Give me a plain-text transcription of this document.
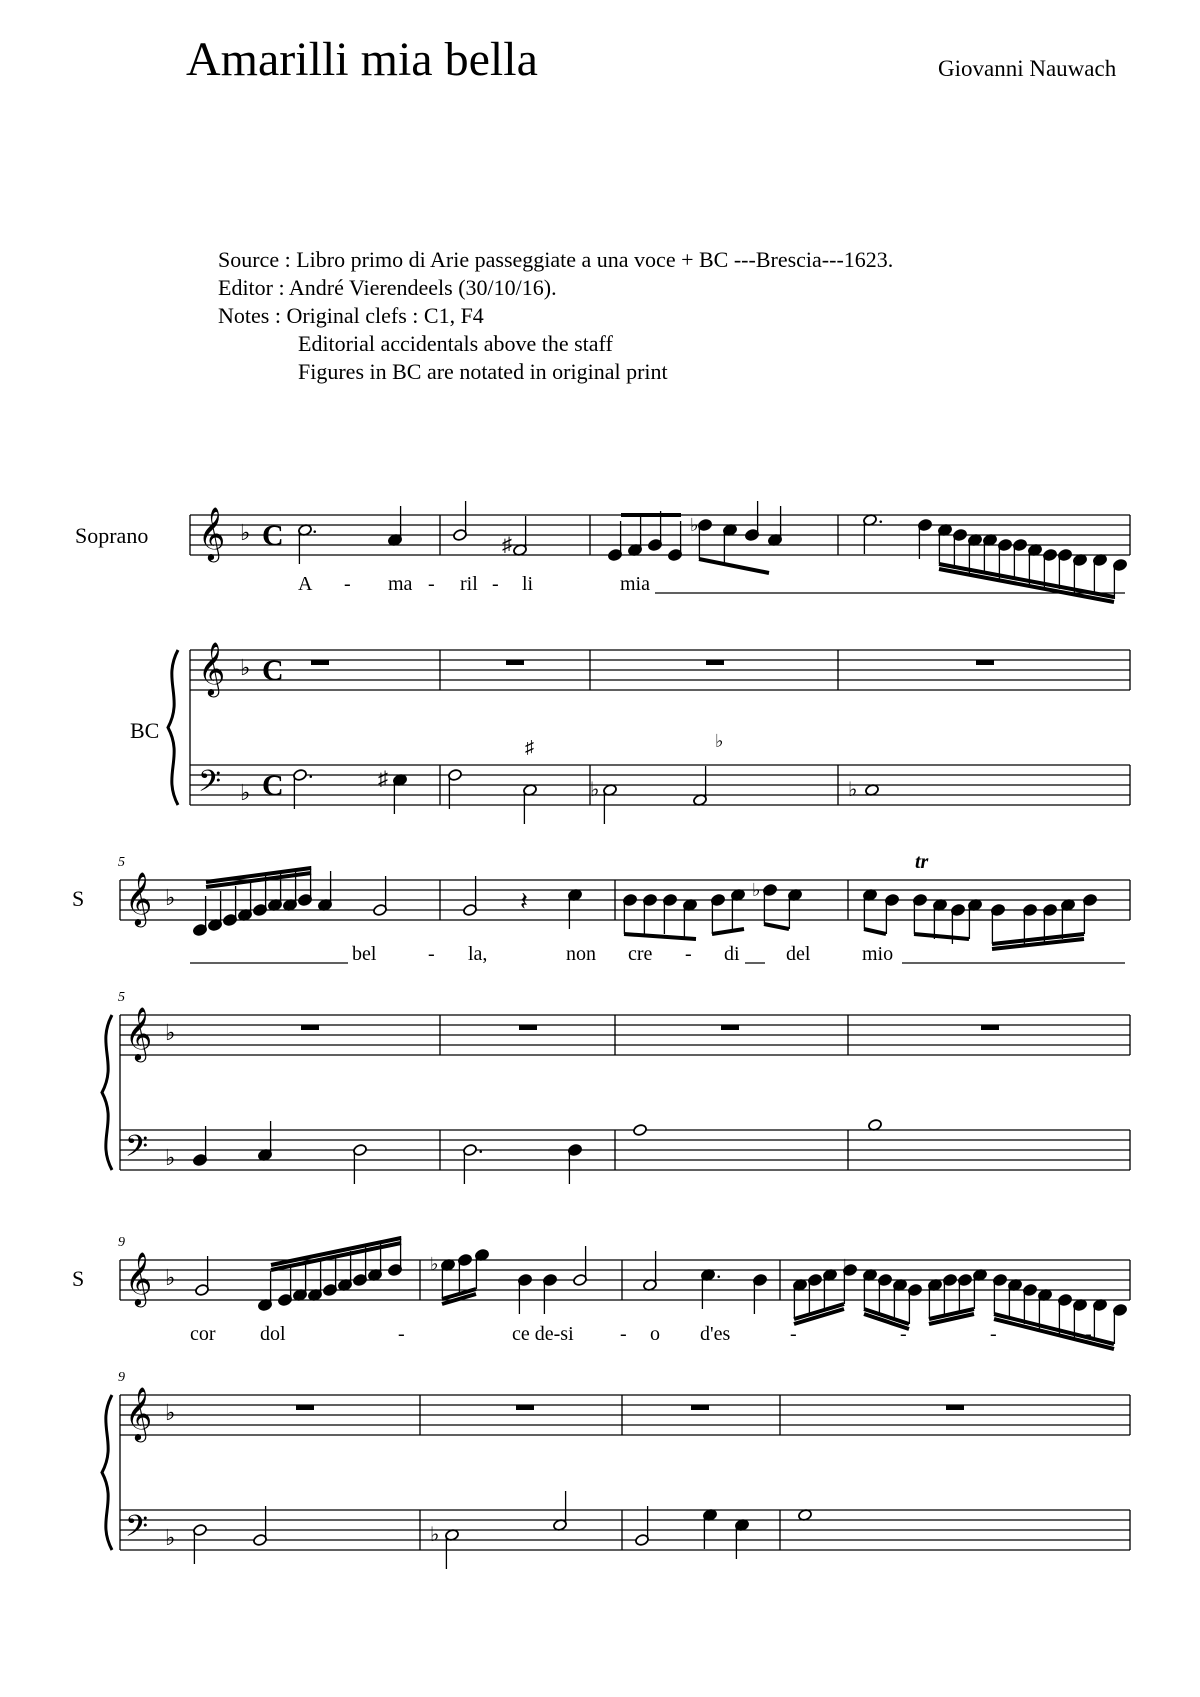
Amarilli mia bella	Giovanni Nauwach
Source : Libro primo di Arie passeggiate a una voce + BC ---Brescia---1623.
Editor : André Vierendeels (30/10/16).
Notes : Original clefs : C1, F4
Editorial accidentals above the staff
Figures in BC are notated in original print
Soprano
BC
𝄞 ♭ C
𝄞 ♭ C
𝄢 ♭ C
.
♯
♭	.
A - ma - ril - li	mia
.	♯
♯
♭
♭
♭
5
5
S 𝄞 ♭
𝄞 ♭
𝄢 ♭
𝄽	♭
tr
bel	- la,	non cre - di del	mio
.
9
9
S 𝄞 ♭
𝄞 ♭
𝄢 ♭
♭	.	♭
cor dol	-	ce de-si - o d'es	-	-	-	-
♭
